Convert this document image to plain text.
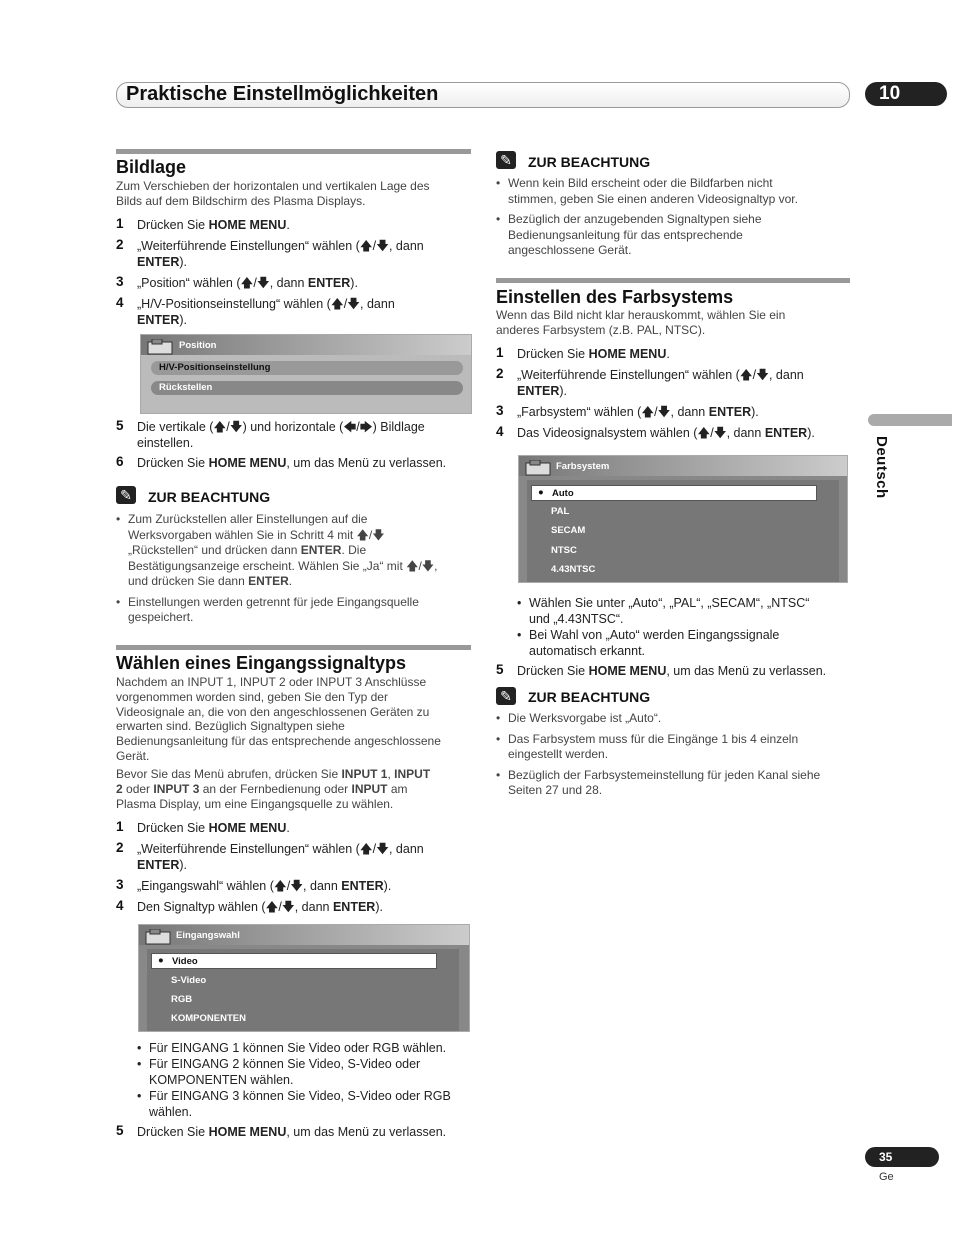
Praktische Einstellmöglichkeiten	10
Deutsch
Bildlage
Zum Verschieben der horizontalen und vertikalen Lage des
Bilds auf dem Bildschirm des Plasma Displays.
1 Drücken Sie HOME MENU.
2 „Weiterführende Einstellungen“ wählen (🡅/🡇, dann
ENTER).
3 „Position“ wählen (🡅/🡇, dann ENTER).
4 „H/V-Positionseinstellung“ wählen (🡅/🡇, dann
ENTER).
Position
H/V-Positionseinstellung
Rückstellen
5 Die vertikale (🡅/🡇) und horizontale (🡄/🡆) Bildlage
einstellen.
6 Drücken Sie HOME MENU, um das Menü zu verlassen.
✎ ZUR BEACHTUNG
• Zum Zurückstellen aller Einstellungen auf die
Werksvorgaben wählen Sie in Schritt 4 mit 🡅/🡇
„Rückstellen“ und drücken dann ENTER. Die
Bestätigungsanzeige erscheint. Wählen Sie „Ja“ mit 🡅/🡇,
und drücken Sie dann ENTER.
• Einstellungen werden getrennt für jede Eingangsquelle
gespeichert.
Wählen eines Eingangssignaltyps
Nachdem an INPUT 1, INPUT 2 oder INPUT 3 Anschlüsse
vorgenommen worden sind, geben Sie den Typ der
Videosignale an, die von den angeschlossenen Geräten zu
erwarten sind. Bezüglich Signaltypen siehe
Bedienungsanleitung für das entsprechende angeschlossene
Gerät.
Bevor Sie das Menü abrufen, drücken Sie INPUT 1, INPUT
2 oder INPUT 3 an der Fernbedienung oder INPUT am
Plasma Display, um eine Eingangsquelle zu wählen.
1 Drücken Sie HOME MENU.
2 „Weiterführende Einstellungen“ wählen (🡅/🡇, dann
ENTER).
3 „Eingangswahl“ wählen (🡅/🡇, dann ENTER).
4 Den Signaltyp wählen (🡅/🡇, dann ENTER).
Eingangswahl
● Video
S-Video
RGB
KOMPONENTEN
• Für EINGANG 1 können Sie Video oder RGB wählen.
• Für EINGANG 2 können Sie Video, S-Video oder
KOMPONENTEN wählen.
• Für EINGANG 3 können Sie Video, S-Video oder RGB
wählen.
5 Drücken Sie HOME MENU, um das Menü zu verlassen.
✎ ZUR BEACHTUNG
• Wenn kein Bild erscheint oder die Bildfarben nicht
stimmen, geben Sie einen anderen Videosignaltyp vor.
• Bezüglich der anzugebenden Signaltypen siehe
Bedienungsanleitung für das entsprechende
angeschlossene Gerät.
Einstellen des Farbsystems
Wenn das Bild nicht klar herauskommt, wählen Sie ein
anderes Farbsystem (z.B. PAL, NTSC).
1 Drücken Sie HOME MENU.
2 „Weiterführende Einstellungen“ wählen (🡅/🡇, dann
ENTER).
3 „Farbsystem“ wählen (🡅/🡇, dann ENTER).
4 Das Videosignalsystem wählen (🡅/🡇, dann ENTER).
Farbsystem
● Auto
PAL
SECAM
NTSC
4.43NTSC
• Wählen Sie unter „Auto“, „PAL“, „SECAM“, „NTSC“
und „4.43NTSC“.
• Bei Wahl von „Auto“ werden Eingangssignale
automatisch erkannt.
5 Drücken Sie HOME MENU, um das Menü zu verlassen.
✎ ZUR BEACHTUNG
• Die Werksvorgabe ist „Auto“.
• Das Farbsystem muss für die Eingänge 1 bis 4 einzeln
eingestellt werden.
• Bezüglich der Farbsystemeinstellung für jeden Kanal siehe
Seiten 27 und 28.
35
Ge
